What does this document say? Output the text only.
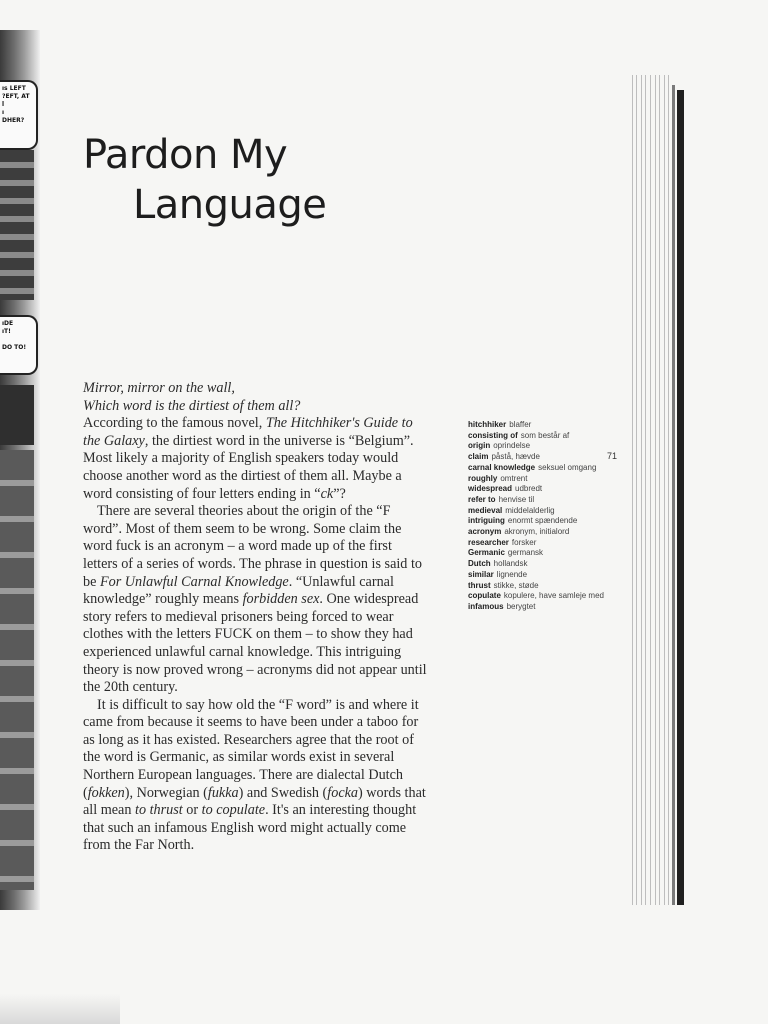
ıs LEFT
?EFT, AT
l
ı
DHER?
ıDE
ıT!

DO TO!
Pardon My
Language

Mirror, mirror on the wall,

Which word is the dirtiest of them all?

According to the famous novel, The Hitchhiker's Guide to the Galaxy, the dirtiest word in the universe is “Belgium”. Most likely a majority of English speakers today would choose another word as the dirtiest of them all. Maybe a word consisting of four letters ending in “ck”?

There are several theories about the origin of the “F word”. Most of them seem to be wrong. Some claim the word fuck is an acronym – a word made up of the first letters of a series of words. The phrase in question is said to be For Unlawful Carnal Knowledge. “Unlawful carnal knowledge” roughly means forbidden sex. One widespread story refers to medieval prisoners being forced to wear clothes with the letters FUCK on them – to show they had experienced unlawful carnal knowledge. This intriguing theory is now proved wrong – acronyms did not appear until the 20th century.

It is difficult to say how old the “F word” is and where it came from because it seems to have been under a taboo for as long as it has existed. Researchers agree that the root of the word is Germanic, as similar words exist in several Northern European languages. There are dialectal Dutch (fokken), Norwegian (fukka) and Swedish (focka) words that all mean to thrust or to copulate. It's an interesting thought that such an infamous English word might actually come from the Far North.

hitchhiker blaffer
consisting of som består af
origin oprindelse
claim påstå, hævde
carnal knowledge seksuel omgang
roughly omtrent
widespread udbredt
refer to henvise til
medieval middelalderlig
intriguing enormt spændende
acronym akronym, initialord
researcher forsker
Germanic germansk
Dutch hollandsk
similar lignende
thrust stikke, støde
copulate kopulere, have samleje med
infamous berygtet
71
